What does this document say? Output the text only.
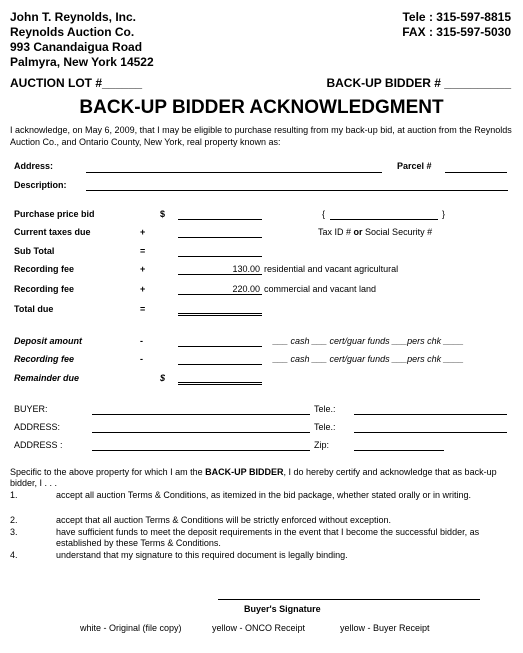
John T. Reynolds, Inc.
Reynolds Auction Co.
993 Canandaigua Road
Palmyra, New York 14522
Tele : 315-597-8815
FAX : 315-597-5030
AUCTION LOT #______	BACK-UP BIDDER # __________
BACK-UP BIDDER ACKNOWLEDGMENT
I acknowledge, on May 6, 2009, that I may be eligible to purchase resulting from my back-up bid, at auction from the Reynolds Auction Co., and Ontario County, New York, real property known as:
Address:	Parcel #
Description:
Purchase price bid	$	{	}
Current taxes due	+	Tax ID # or Social Security #
Sub Total	=
Recording fee	+	130.00 residential and vacant agricultural
Recording fee	+	220.00 commercial and vacant land
Total due	=
Deposit amount	-	___ cash ___ cert/guar funds ___pers chk ____
Recording fee	-	___ cash ___ cert/guar funds ___pers chk ____
Remainder due	$
BUYER:	Tele.:
ADDRESS:	Tele.:
ADDRESS :	Zip:
Specific to the above property for which I am the BACK-UP BIDDER, I do hereby certify and acknowledge that as back-up bidder, I . . .
1.	accept all auction Terms & Conditions, as itemized in the bid package, whether stated orally or in writing.
2.	accept that all auction Terms & Conditions will be strictly enforced without exception.
3.	have sufficient funds to meet the deposit requirements in the event that I become the successful bidder, as established by these Terms & Conditions.
4.	understand that my signature to this required document is legally binding.
Buyer's Signature
white - Original (file copy)	yellow - ONCO Receipt	yellow - Buyer Receipt
